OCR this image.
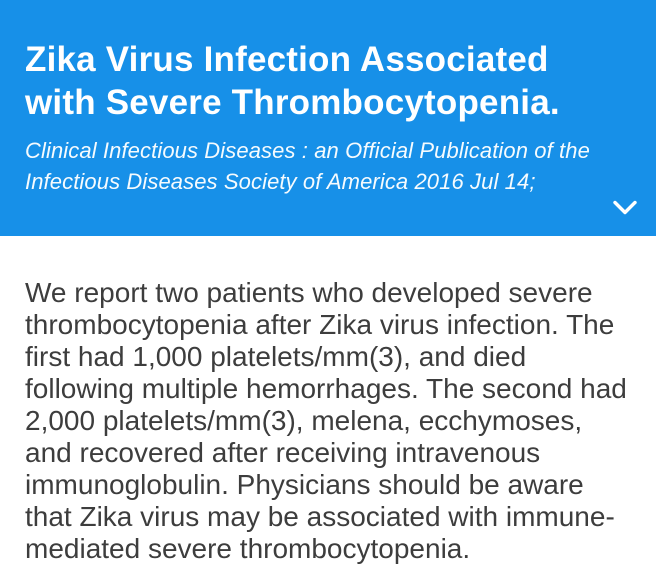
Zika Virus Infection Associated
with Severe Thrombocytopenia.

Clinical Infectious Diseases : an Official Publication of the
Infectious Diseases Society of America 2016 Jul 14;

We report two patients who developed severe
thrombocytopenia after Zika virus infection. The
first had 1,000 platelets/mm(3), and died
following multiple hemorrhages. The second had
2,000 platelets/mm(3), melena, ecchymoses,
and recovered after receiving intravenous
immunoglobulin. Physicians should be aware
that Zika virus may be associated with immune-
mediated severe thrombocytopenia.
